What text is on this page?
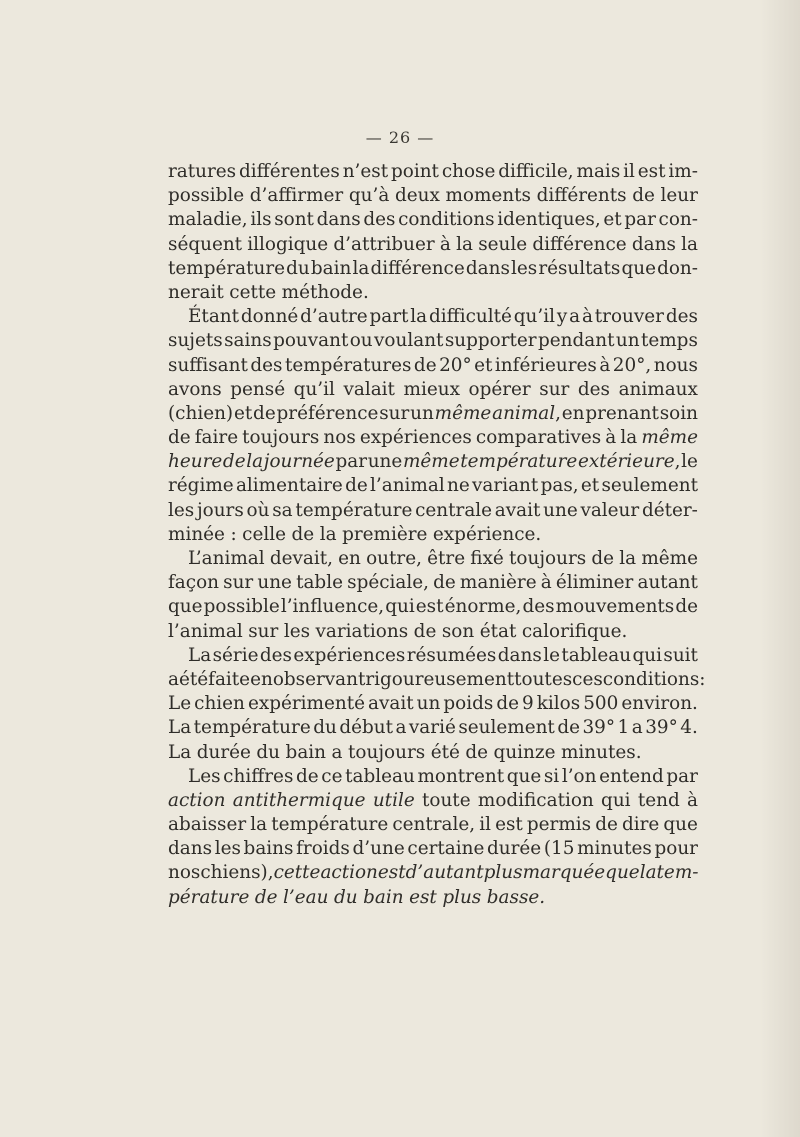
— 26 —
ratures différentes n’est point chose difficile, mais il est im-
possible d’affirmer qu’à deux moments différents de leur
maladie, ils sont dans des conditions identiques, et par con-
séquent illogique d’attribuer à la seule différence dans la
température du bain la différence dans les résultats que don-
nerait cette méthode.
Étant donné d’autre part la difficulté qu’il y a à trouver des
sujets sains pouvant ou voulant supporter pendant un temps
suffisant des températures de 20° et inférieures à 20°, nous
avons pensé qu’il valait mieux opérer sur des animaux
(chien) et de préférence sur un même animal, en prenant soin
de faire toujours nos expériences comparatives à la même
heure de la journée par une même température extérieure, le
régime alimentaire de l’animal ne variant pas, et seulement
les jours où sa température centrale avait une valeur déter-
minée : celle de la première expérience.
L’animal devait, en outre, être fixé toujours de la même
façon sur une table spéciale, de manière à éliminer autant
que possible l’influence, qui est énorme, des mouvements de
l’animal sur les variations de son état calorifique.
La série des expériences résumées dans le tableau qui suit
a été faite en observant rigoureusement toutes ces conditions :
Le chien expérimenté avait un poids de 9 kilos 500 environ.
La température du début a varié seulement de 39° 1 a 39° 4.
La durée du bain a toujours été de quinze minutes.
Les chiffres de ce tableau montrent que si l’on entend par
action antithermique utile toute modification qui tend à
abaisser la température centrale, il est permis de dire que
dans les bains froids d’une certaine durée (15 minutes pour
nos chiens), cette action est d’autant plus marquée que la tem-
pérature de l’eau du bain est plus basse.
